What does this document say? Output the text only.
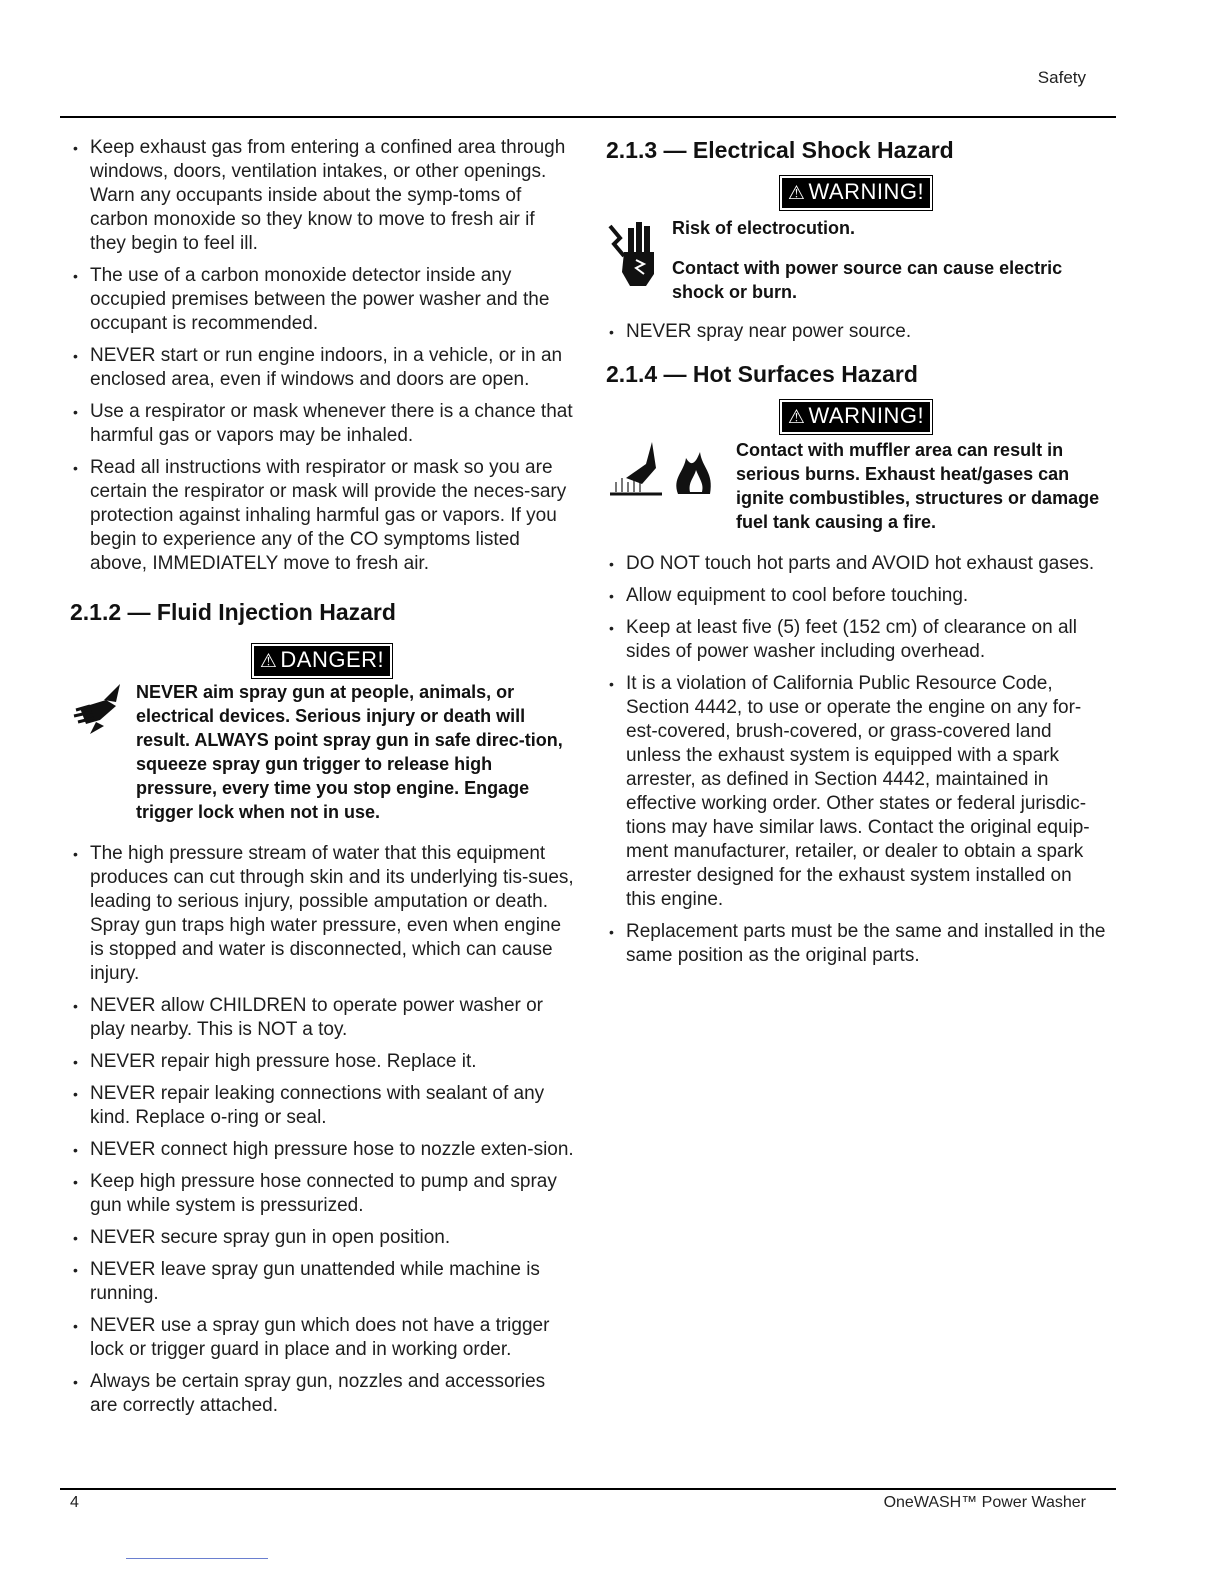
Safety
• Keep exhaust gas from entering a confined area through windows, doors, ventilation intakes, or other openings. Warn any occupants inside about the symp-toms of carbon monoxide so they know to move to fresh air if they begin to feel ill.
• The use of a carbon monoxide detector inside any occupied premises between the power washer and the occupant is recommended.
• NEVER start or run engine indoors, in a vehicle, or in an enclosed area, even if windows and doors are open.
• Use a respirator or mask whenever there is a chance that harmful gas or vapors may be inhaled.
• Read all instructions with respirator or mask so you are certain the respirator or mask will provide the neces-sary protection against inhaling harmful gas or vapors. If you begin to experience any of the CO symptoms listed above, IMMEDIATELY move to fresh air.
2.1.2 — Fluid Injection Hazard
⚠ DANGER!

NEVER aim spray gun at people, animals, or electrical devices. Serious injury or death will result. ALWAYS point spray gun in safe direc-tion, squeeze spray gun trigger to release high pressure, every time you stop engine. Engage trigger lock when not in use.

• The high pressure stream of water that this equipment produces can cut through skin and its underlying tis-sues, leading to serious injury, possible amputation or death. Spray gun traps high water pressure, even when engine is stopped and water is disconnected, which can cause injury.
• NEVER allow CHILDREN to operate power washer or play nearby. This is NOT a toy.
• NEVER repair high pressure hose. Replace it.
• NEVER repair leaking connections with sealant of any kind. Replace o-ring or seal.
• NEVER connect high pressure hose to nozzle exten-sion.
• Keep high pressure hose connected to pump and spray gun while system is pressurized.
• NEVER secure spray gun in open position.
• NEVER leave spray gun unattended while machine is running.
• NEVER use a spray gun which does not have a trigger lock or trigger guard in place and in working order.
• Always be certain spray gun, nozzles and accessories are correctly attached.
2.1.3 — Electrical Shock Hazard
⚠ WARNING!

Risk of electrocution.

Contact with power source can cause electric shock or burn.

• NEVER spray near power source.
2.1.4 — Hot Surfaces Hazard
⚠ WARNING!

Contact with muffler area can result in serious burns. Exhaust heat/gases can ignite combustibles, structures or damage fuel tank causing a fire.

• DO NOT touch hot parts and AVOID hot exhaust gases.
• Allow equipment to cool before touching.
• Keep at least five (5) feet (152 cm) of clearance on all sides of power washer including overhead.
• It is a violation of California Public Resource Code, Section 4442, to use or operate the engine on any for-est-covered, brush-covered, or grass-covered land unless the exhaust system is equipped with a spark arrester, as defined in Section 4442, maintained in effective working order. Other states or federal jurisdic-tions may have similar laws. Contact the original equip-ment manufacturer, retailer, or dealer to obtain a spark arrester designed for the exhaust system installed on this engine.
• Replacement parts must be the same and installed in the same position as the original parts.
4	OneWASH™ Power Washer
